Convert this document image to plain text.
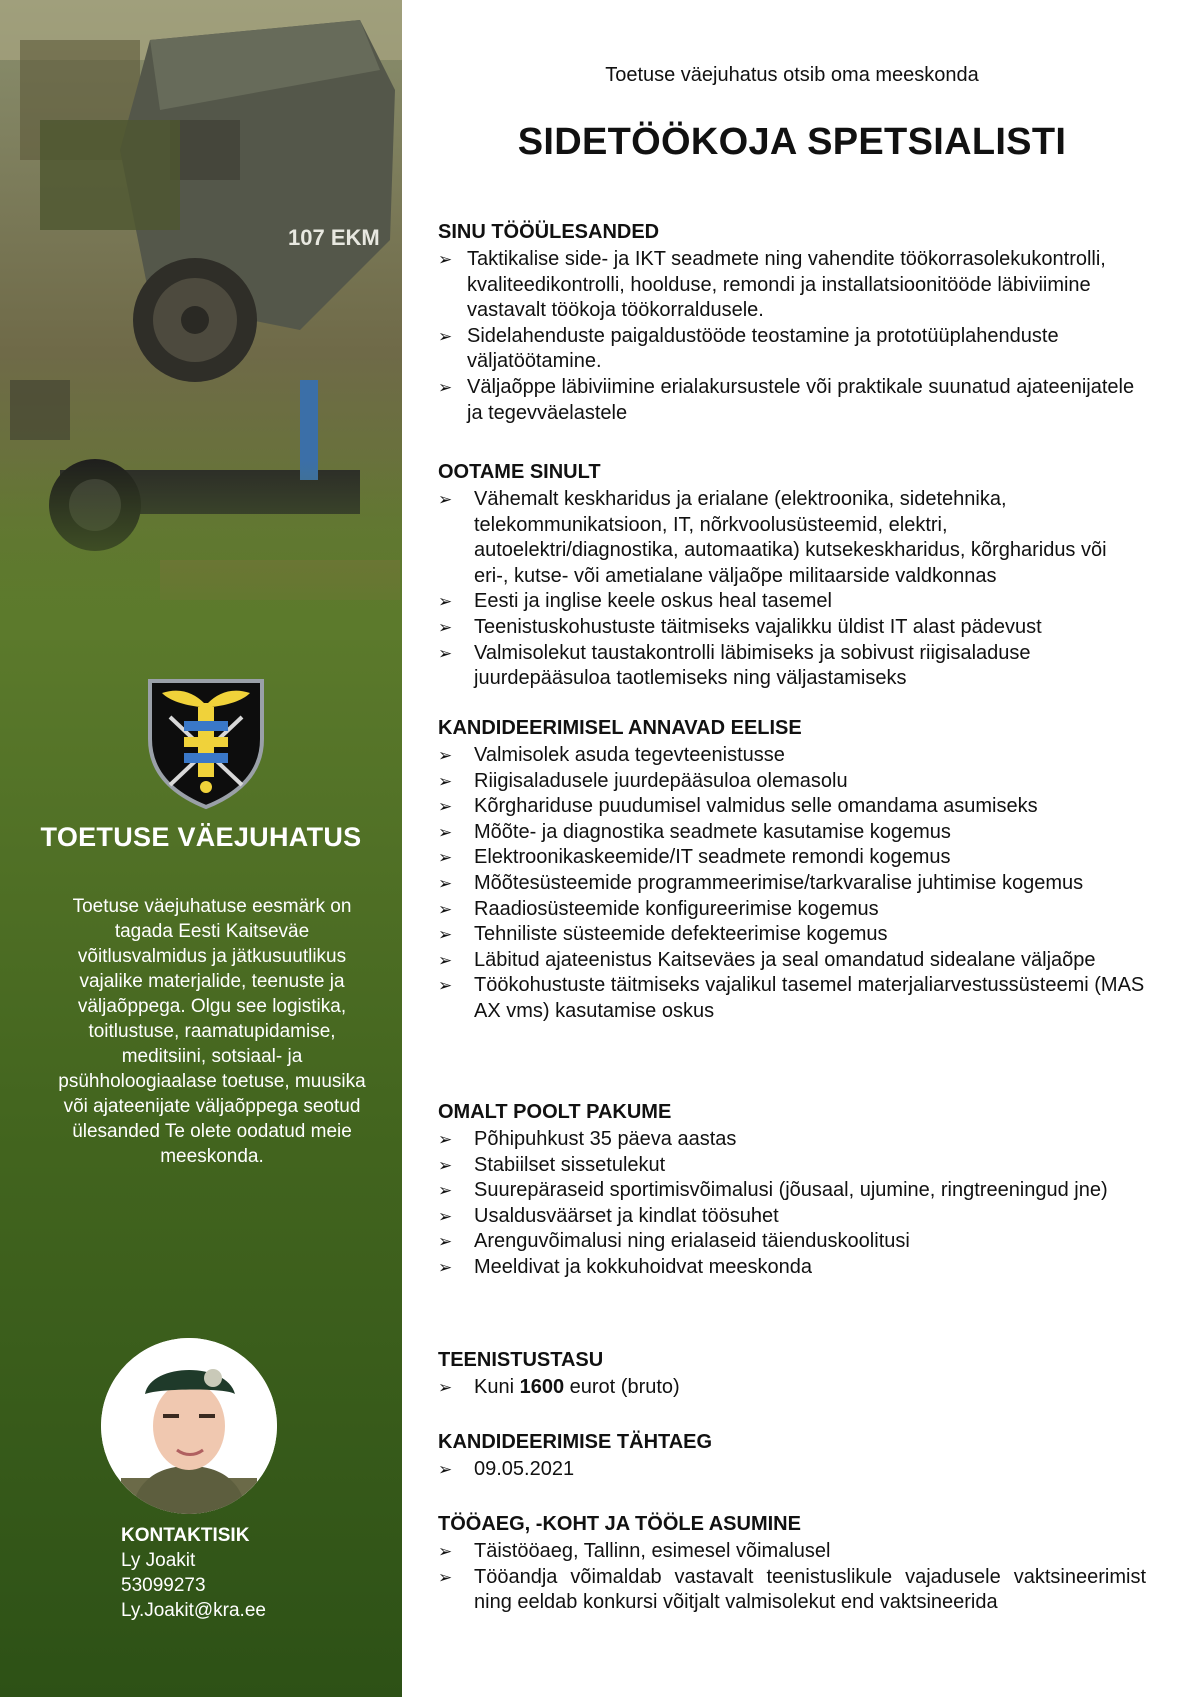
107 EKM
TOETUSE VÄEJUHATUS

Toetuse väejuhatuse eesmärk on tagada Eesti Kaitseväe võitlusvalmidus ja jätkusuutlikus vajalike materjalide, teenuste ja väljaõppega. Olgu see logistika, toitlustuse, raamatupidamise, meditsiini, sotsiaal- ja psühholoogiaalase toetuse, muusika või ajateenijate väljaõppega seotud ülesanded Te olete oodatud meie meeskonda.

KONTAKTISIK
Ly Joakit
53099273
Ly.Joakit@kra.ee
Toetuse väejuhatus otsib oma meeskonda
SIDETÖÖKOJA SPETSIALISTI
SINU TÖÖÜLESANDED
➢ Taktikalise side- ja IKT seadmete ning vahendite töökorrasolekukontrolli, kvaliteedikontrolli, hoolduse, remondi ja installatsioonitööde läbiviimine vastavalt töökoja töökorraldusele.
➢ Sidelahenduste paigaldustööde teostamine ja prototüüplahenduste väljatöötamine.
➢ Väljaõppe läbiviimine erialakursustele või praktikale suunatud ajateenijatele ja tegevväelastele
OOTAME SINULT
➢ Vähemalt keskharidus ja erialane (elektroonika, sidetehnika, telekommunikatsioon, IT, nõrkvoolusüsteemid, elektri, autoelektri/diagnostika, automaatika) kutsekeskharidus, kõrgharidus või eri-, kutse- või ametialane väljaõpe militaarside valdkonnas
➢ Eesti ja inglise keele oskus heal tasemel
➢ Teenistuskohustuste täitmiseks vajalikku üldist IT alast pädevust
➢ Valmisolekut taustakontrolli läbimiseks ja sobivust riigisaladuse juurdepääsuloa taotlemiseks ning väljastamiseks
KANDIDEERIMISEL ANNAVAD EELISE
➢ Valmisolek asuda tegevteenistusse
➢ Riigisaladusele juurdepääsuloa olemasolu
➢ Kõrghariduse puudumisel valmidus selle omandama asumiseks
➢ Mõõte- ja diagnostika seadmete kasutamise kogemus
➢ Elektroonikaskeemide/IT seadmete remondi kogemus
➢ Mõõtesüsteemide programmeerimise/tarkvaralise juhtimise kogemus
➢ Raadiosüsteemide konfigureerimise kogemus
➢ Tehniliste süsteemide defekteerimise kogemus
➢ Läbitud ajateenistus Kaitseväes ja seal omandatud sidealane väljaõpe
➢ Töökohustuste täitmiseks vajalikul tasemel materjaliarvestussüsteemi (MAS AX vms) kasutamise oskus
OMALT POOLT PAKUME
➢ Põhipuhkust 35 päeva aastas
➢ Stabiilset sissetulekut
➢ Suurepäraseid sportimisvõimalusi (jõusaal, ujumine, ringtreeningud jne)
➢ Usaldusväärset ja kindlat töösuhet
➢ Arenguvõimalusi ning erialaseid täienduskoolitusi
➢ Meeldivat ja kokkuhoidvat meeskonda
TEENISTUSTASU
➢ Kuni 1600 eurot (bruto)
KANDIDEERIMISE TÄHTAEG
➢ 09.05.2021
TÖÖAEG, -KOHT JA TÖÖLE ASUMINE
➢ Täistööaeg, Tallinn, esimesel võimalusel
➢ Tööandja võimaldab vastavalt teenistuslikule vajadusele vaktsineerimist ning eeldab konkursi võitjalt valmisolekut end vaktsineerida
